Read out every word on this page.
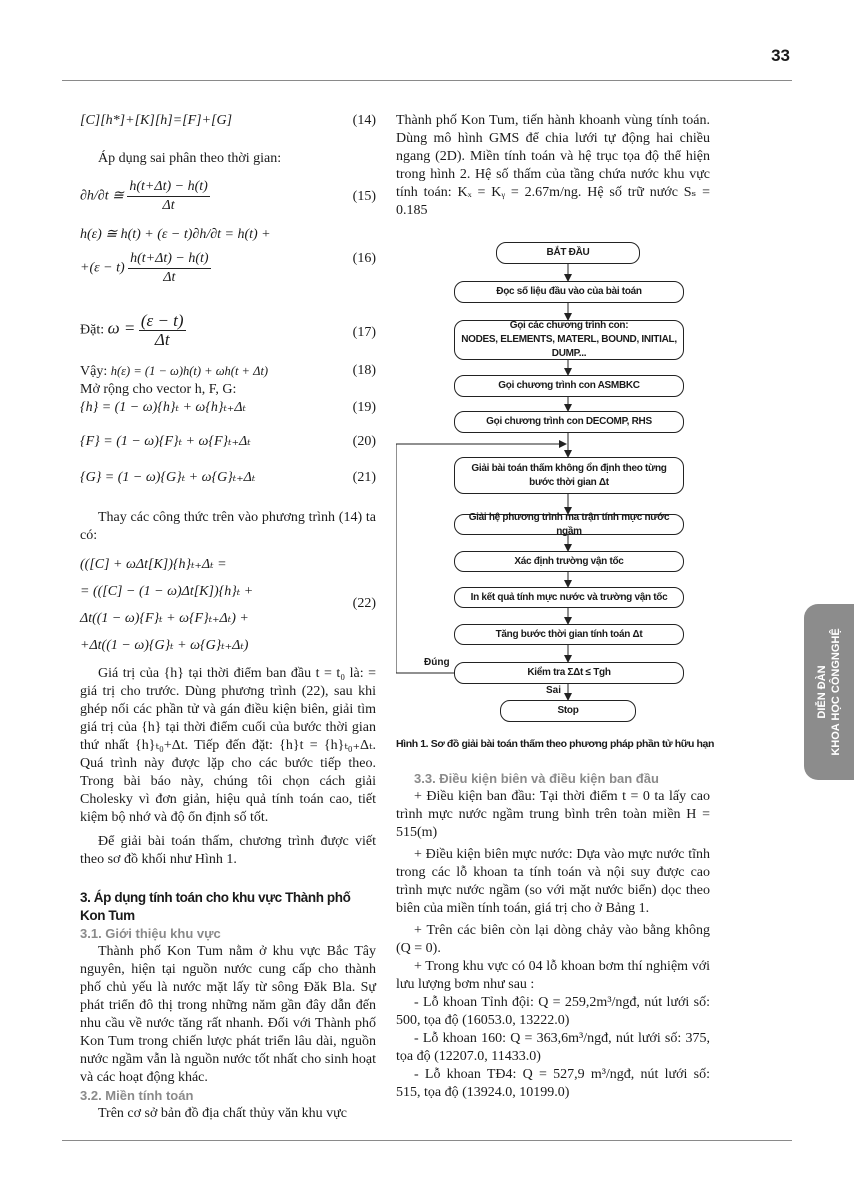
33
[C][h*]+[K][h]=[F]+[G]	(14)

Áp dụng sai phân theo thời gian:

∂h/∂t ≅ $\frac{h(t+\Delta t) - h(t)}{\Delta t}$	(15)
h(ε) ≅ h(t) + (ε − t)∂h/∂t = h(t) +
$+(\varepsilon - t) \frac{h(t+\Delta t) - h(t)}{\Delta t}$	(16)
Đặt: $\omega = \frac{(\varepsilon - t)}{\Delta t}$	(17)
Vậy: h(ε) = (1 − ω)h(t) + ωh(t + Δt)	(18)
Mở rộng cho vector h, F, G:
{h} = (1 − ω){h}ₜ + ω{h}ₜ₊Δₜ	(19)
{F} = (1 − ω){F}ₜ + ω{F}ₜ₊Δₜ	(20)
{G} = (1 − ω){G}ₜ + ω{G}ₜ₊Δₜ	(21)

Thay các công thức trên vào phương trình (14) ta có:

(([C] + ωΔt[K]){h}ₜ₊Δₜ =
= (([C] − (1 − ω)Δt[K]){h}ₜ +
Δt((1 − ω){F}ₜ + ω{F}ₜ₊Δₜ) +
+Δt((1 − ω){G}ₜ + ω{G}ₜ₊Δₜ)
(22)

Giá trị của {h} tại thời điểm ban đầu t = t₀ là: = giá trị cho trước. Dùng phương trình (22), sau khi ghép nối các phần tử và gán điều kiện biên, giải tìm giá trị của {h} tại thời điểm cuối của bước thời gian thứ nhất {h}ₜ₀+Δt. Tiếp đến đặt: {h}t = {h}ₜ₀₊Δₜ. Quá trình này được lặp cho các bước tiếp theo. Trong bài báo này, chúng tôi chọn cách giải Cholesky vì đơn giản, hiệu quả tính toán cao, tiết kiệm bộ nhớ và độ ổn định số tốt.

Để giải bài toán thấm, chương trình được viết theo sơ đồ khối như Hình 1.

3. Áp dụng tính toán cho khu vực Thành phố Kon Tum

3.1. Giới thiệu khu vực

Thành phố Kon Tum nằm ở khu vực Bắc Tây nguyên, hiện tại nguồn nước cung cấp cho thành phố chủ yếu là nước mặt lấy từ sông Đăk Bla. Sự phát triển đô thị trong những năm gần đây dẫn đến nhu cầu về nước tăng rất nhanh. Đối với Thành phố Kon Tum trong chiến lược phát triển lâu dài, nguồn nước ngầm vẫn là nguồn nước tốt nhất cho sinh hoạt và các hoạt động khác.

3.2. Miền tính toán

Trên cơ sở bản đồ địa chất thủy văn khu vực

Thành phố Kon Tum, tiến hành khoanh vùng tính toán. Dùng mô hình GMS để chia lưới tự động hai chiều ngang (2D). Miền tính toán và hệ trục tọa độ thể hiện trong hình 2. Hệ số thấm của tầng chứa nước khu vực tính toán: Kₓ = Kᵧ = 2.67m/ng. Hệ số trữ nước Sₛ = 0.185

BẮT ĐẦU
Đọc số liệu đầu vào của bài toán
Gọi các chương trình con:
NODES, ELEMENTS, MATERL, BOUND, INITIAL, DUMP...
Gọi chương trình con ASMBKC
Gọi chương trình con DECOMP, RHS
Giải bài toán thấm không ổn định theo từng
bước thời gian Δt
Giải hệ phương trình ma trận tính mực nước ngầm
Xác định trường vận tốc
In kết quả tính mực nước và trường vận tốc
Tăng bước thời gian tính toán Δt
Kiểm tra ΣΔt ≤ Tgh
Stop
Đúng
Sai
Hình 1. Sơ đồ giải bài toán thấm theo phương pháp phần tử hữu hạn

3.3. Điều kiện biên và điều kiện ban đầu

+ Điều kiện ban đầu: Tại thời điểm t = 0 ta lấy cao trình mực nước ngầm trung bình trên toàn miền H = 515(m)

+ Điều kiện biên mực nước: Dựa vào mực nước tĩnh trong các lỗ khoan ta tính toán và nội suy được cao trình mực nước ngầm (so với mặt nước biển) dọc theo biên của miền tính toán, giá trị cho ở Bảng 1.

+ Trên các biên còn lại dòng chảy vào bằng không (Q = 0).

+ Trong khu vực có 04 lỗ khoan bơm thí nghiệm với lưu lượng bơm như sau :

- Lỗ khoan Tỉnh đội: Q = 259,2m³/ngđ, nút lưới số: 500, tọa độ (16053.0, 13222.0)

- Lỗ khoan 160: Q = 363,6m³/ngđ, nút lưới số: 375, tọa độ (12207.0, 11433.0)

- Lỗ khoan TĐ4: Q = 527,9 m³/ngđ, nút lưới số: 515, tọa độ (13924.0, 10199.0)

DIỄN ĐÀN KHOA HỌC CÔNGNGHỆ
